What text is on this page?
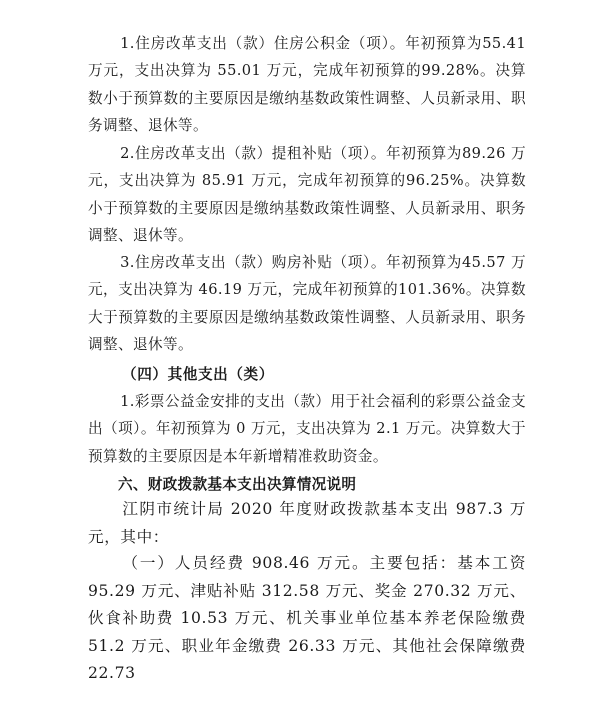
1.住房改革支出（款）住房公积金（项）。年初预算为55.41 万元，支出决算为 55.01 万元，完成年初预算的99.28%。决算数小于预算数的主要原因是缴纳基数政策性调整、人员新录用、职务调整、退休等。

2.住房改革支出（款）提租补贴（项）。年初预算为89.26 万元，支出决算为 85.91 万元，完成年初预算的96.25%。决算数小于预算数的主要原因是缴纳基数政策性调整、人员新录用、职务调整、退休等。

3.住房改革支出（款）购房补贴（项）。年初预算为45.57 万元，支出决算为 46.19 万元，完成年初预算的101.36%。决算数大于预算数的主要原因是缴纳基数政策性调整、人员新录用、职务调整、退休等。

（四）其他支出（类）

1.彩票公益金安排的支出（款）用于社会福利的彩票公益金支出（项）。年初预算为 0 万元，支出决算为 2.1 万元。决算数大于预算数的主要原因是本年新增精准救助资金。

六、财政拨款基本支出决算情况说明

江阴市统计局 2020 年度财政拨款基本支出 987.3 万元，其中：

（一）人员经费 908.46 万元。主要包括：基本工资 95.29 万元、津贴补贴 312.58 万元、奖金 270.32 万元、伙食补助费 10.53 万元、机关事业单位基本养老保险缴费 51.2 万元、职业年金缴费 26.33 万元、其他社会保障缴费 22.73
